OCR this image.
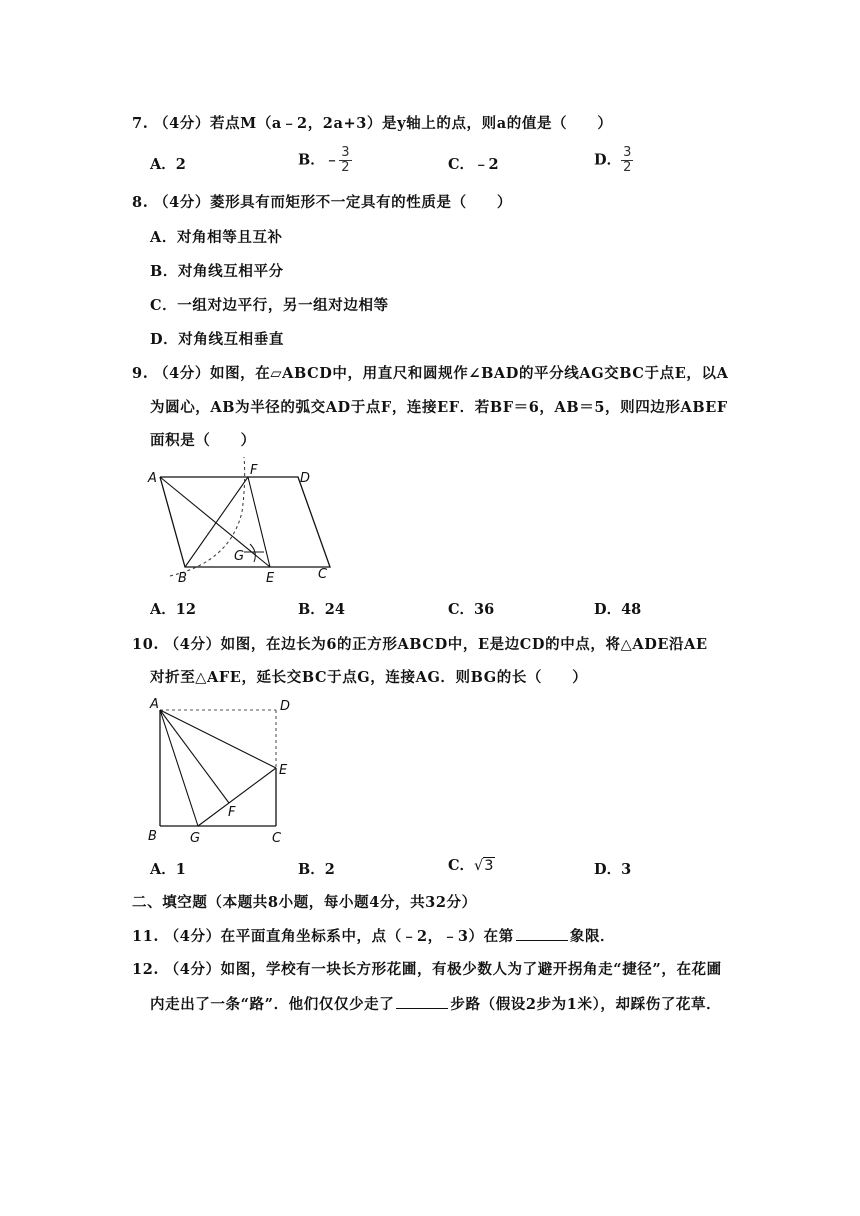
7. （4分）若点M（a﹣2，2a+3）是y轴上的点，则a的值是（　　）
A．2	B．﹣ $\frac{3}{2}$	C．﹣2	D． $\frac{3}{2}$
8. （4分）菱形具有而矩形不一定具有的性质是（　　）
A．对角相等且互补
B．对角线互相平分
C．一组对边平行，另一组对边相等
D．对角线互相垂直
9. （4分）如图，在▱ABCD中，用直尺和圆规作∠BAD的平分线AG交BC于点E，以A
为圆心，AB为半径的弧交AD于点F，连接EF．若BF＝6，AB＝5，则四边形ABEF
面积是（　　）
A
F
D
G
B	E	C
A．12	B．24	C．36	D．48
10. （4分）如图，在边长为6的正方形ABCD中，E是边CD的中点，将△ADE沿AE
对折至△AFE，延长交BC于点G，连接AG．则BG的长（　　）
A	D
E
F
B	G	C
A．1	B．2	C．√3	D．3
二、填空题（本题共8小题，每小题4分，共32分）
11. （4分）在平面直角坐标系中，点（﹣2，﹣3）在第	象限．
12. （4分）如图，学校有一块长方形花圃，有极少数人为了避开拐角走“捷径”，在花圃
内走出了一条“路”．他们仅仅少走了	步路（假设2步为1米），却踩伤了花草．
